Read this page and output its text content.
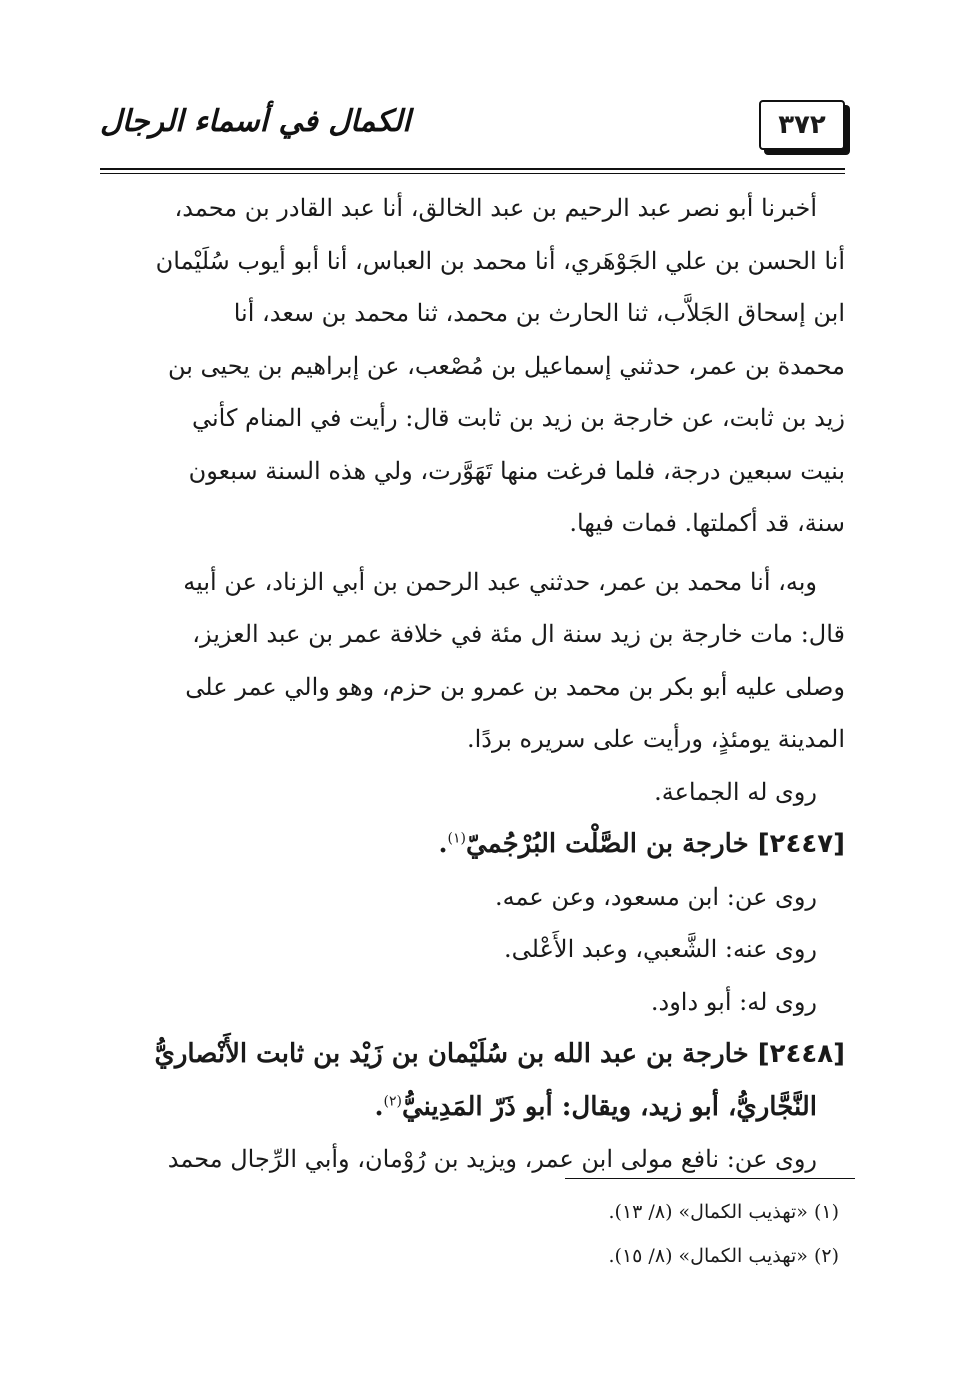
الكمال في أسماء الرجال	٣٧٢

أخبرنا أبو نصر عبد الرحيم بن عبد الخالق، أنا عبد القادر بن محمد،

أنا الحسن بن علي الجَوْهَري، أنا محمد بن العباس، أنا أبو أيوب سُلَيْمان

ابن إسحاق الجَلاَّب، ثنا الحارث بن محمد، ثنا محمد بن سعد، أنا

محمدة بن عمر، حدثني إسماعيل بن مُصْعب، عن إبراهيم بن يحيى بن

زيد بن ثابت، عن خارجة بن زيد بن ثابت قال: رأيت في المنام كأني

بنيت سبعين درجة، فلما فرغت منها تَهَوَّرت، ولي هذه السنة سبعون

سنة، قد أكملتها. فمات فيها.

وبه، أنا محمد بن عمر، حدثني عبد الرحمن بن أبي الزناد، عن أبيه

قال: مات خارجة بن زيد سنة ال مئة في خلافة عمر بن عبد العزيز،

وصلى عليه أبو بكر بن محمد بن عمرو بن حزم، وهو والي عمر على

المدينة يومئذٍ، ورأيت على سريره بردًا.

روى له الجماعة.

[٢٤٤٧] خارجة بن الصَّلْت البُرْجُميّ$^{(١)}$.

روى عن: ابن مسعود، وعن عمه.

روى عنه: الشَّعبي، وعبد الأَعْلى.

روى له: أبو داود.

[٢٤٤٨] خارجة بن عبد الله بن سُلَيْمان بن زَيْد بن ثابت الأَنْصاريُّ

النَّجَّاريُّ، أبو زيد، ويقال: أبو ذَرّ المَدِينيُّ$^{(٢)}$.

روى عن: نافع مولى ابن عمر، ويزيد بن رُوْمان، وأبي الرِّجال محمد

(١) «تهذيب الكمال» (٨/ ١٣).

(٢) «تهذيب الكمال» (٨/ ١٥).
